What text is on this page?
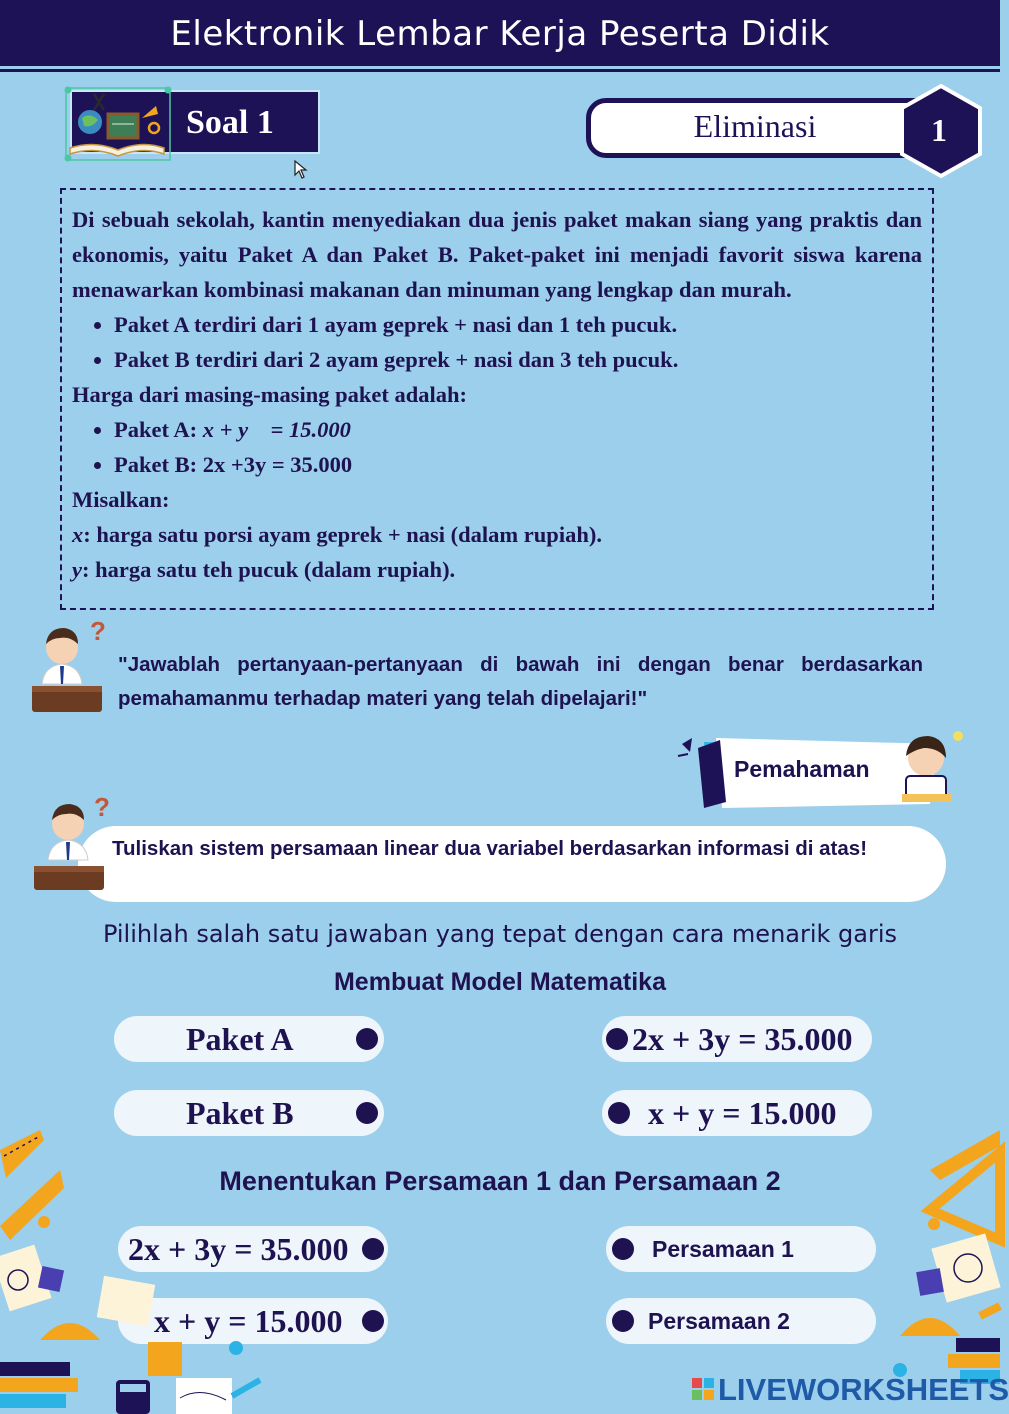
Elektronik Lembar Kerja Peserta Didik
Soal 1	Eliminasi	1

Di sebuah sekolah, kantin menyediakan dua jenis paket makan siang yang praktis dan ekonomis, yaitu Paket A dan Paket B. Paket-paket ini menjadi favorit siswa karena menawarkan kombinasi makanan dan minuman yang lengkap dan murah.

• Paket A terdiri dari 1 ayam geprek + nasi dan 1 teh pucuk.
• Paket B terdiri dari 2 ayam geprek + nasi dan 3 teh pucuk.
Harga dari masing-masing paket adalah:
• Paket A: x + y    = 15.000
• Paket B: 2x +3y = 35.000
Misalkan:
x: harga satu porsi ayam geprek + nasi (dalam rupiah).
y: harga satu teh pucuk (dalam rupiah).
?
"Jawablah pertanyaan-pertanyaan di bawah ini dengan benar berdasarkan pemahamanmu terhadap materi yang telah dipelajari!"
Pemahaman
?
Tuliskan sistem persamaan linear dua variabel berdasarkan informasi di atas!
Pilihlah salah satu jawaban yang tepat dengan cara menarik garis
Membuat Model Matematika
Paket A
Paket B
2x + 3y = 35.000
x + y = 15.000
Menentukan Persamaan 1 dan Persamaan 2
2x + 3y = 35.000
x + y = 15.000
Persamaan 1
Persamaan 2
LIVEWORKSHEETS
